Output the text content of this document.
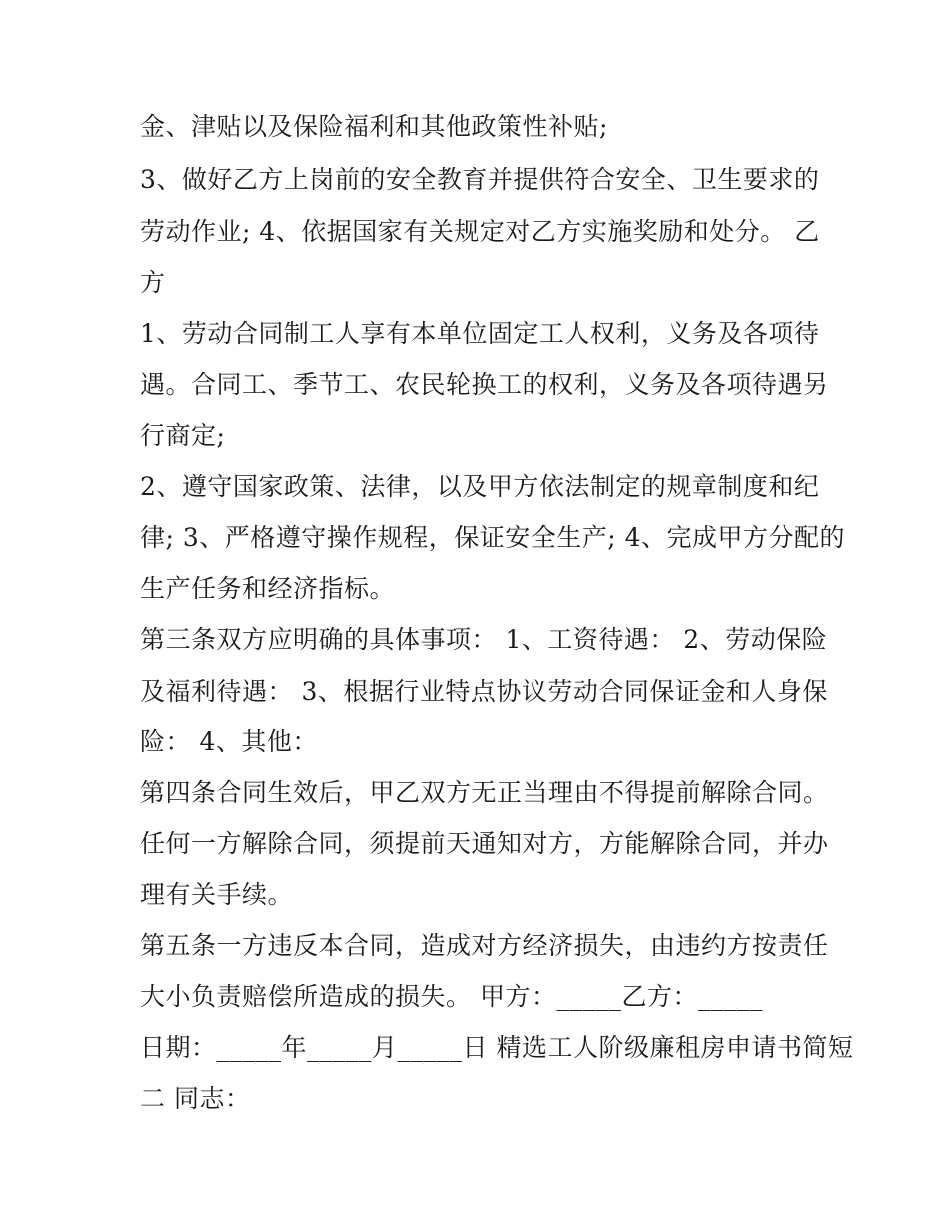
金、津贴以及保险福利和其他政策性补贴;
3、做好乙方上岗前的安全教育并提供符合安全、卫生要求的
劳动作业; 4、依据国家有关规定对乙方实施奖励和处分。 乙
方
1、劳动合同制工人享有本单位固定工人权利，义务及各项待
遇。合同工、季节工、农民轮换工的权利，义务及各项待遇另
行商定;
2、遵守国家政策、法律，以及甲方依法制定的规章制度和纪
律; 3、严格遵守操作规程，保证安全生产; 4、完成甲方分配的
生产任务和经济指标。
第三条双方应明确的具体事项： 1、工资待遇： 2、劳动保险
及福利待遇： 3、根据行业特点协议劳动合同保证金和人身保
险： 4、其他：
第四条合同生效后，甲乙双方无正当理由不得提前解除合同。
任何一方解除合同，须提前天通知对方，方能解除合同，并办
理有关手续。
第五条一方违反本合同，造成对方经济损失，由违约方按责任
大小负责赔偿所造成的损失。 甲方：_____乙方：_____
日期：_____年_____月_____日 精选工人阶级廉租房申请书简短
二 同志：
